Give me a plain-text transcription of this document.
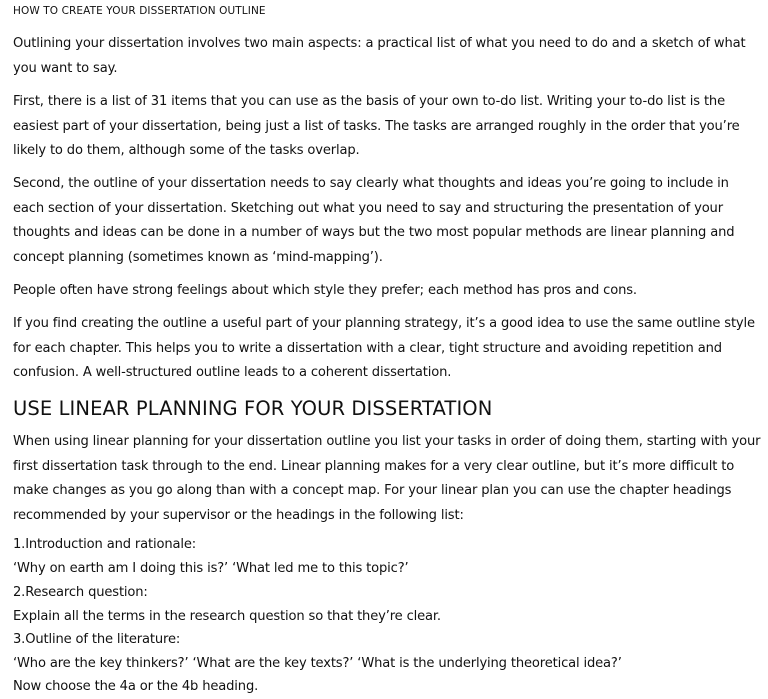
HOW TO CREATE YOUR DISSERTATION OUTLINE

Outlining your dissertation involves two main aspects: a practical list of what you need to do and a sketch of what you want to say.

First, there is a list of 31 items that you can use as the basis of your own to-do list. Writing your to-do list is the easiest part of your dissertation, being just a list of tasks. The tasks are arranged roughly in the order that you’re likely to do them, although some of the tasks overlap.

Second, the outline of your dissertation needs to say clearly what thoughts and ideas you’re going to include in each section of your dissertation. Sketching out what you need to say and structuring the presentation of your thoughts and ideas can be done in a number of ways but the two most popular methods are linear planning and concept planning (sometimes known as ‘mind-mapping’).

People often have strong feelings about which style they prefer; each method has pros and cons.

If you find creating the outline a useful part of your planning strategy, it’s a good idea to use the same outline style for each chapter. This helps you to write a dissertation with a clear, tight structure and avoiding repetition and confusion. A well-structured outline leads to a coherent dissertation.

USE LINEAR PLANNING FOR YOUR DISSERTATION

When using linear planning for your dissertation outline you list your tasks in order of doing them, starting with your first dissertation task through to the end. Linear planning makes for a very clear outline, but it’s more difficult to make changes as you go along than with a concept map. For your linear plan you can use the chapter headings recommended by your supervisor or the headings in the following list:

1.Introduction and rationale:
‘Why on earth am I doing this is?’ ‘What led me to this topic?’
2.Research question:
Explain all the terms in the research question so that they’re clear.
3.Outline of the literature:
‘Who are the key thinkers?’ ‘What are the key texts?’ ‘What is the underlying theoretical idea?’
Now choose the 4a or the 4b heading.
